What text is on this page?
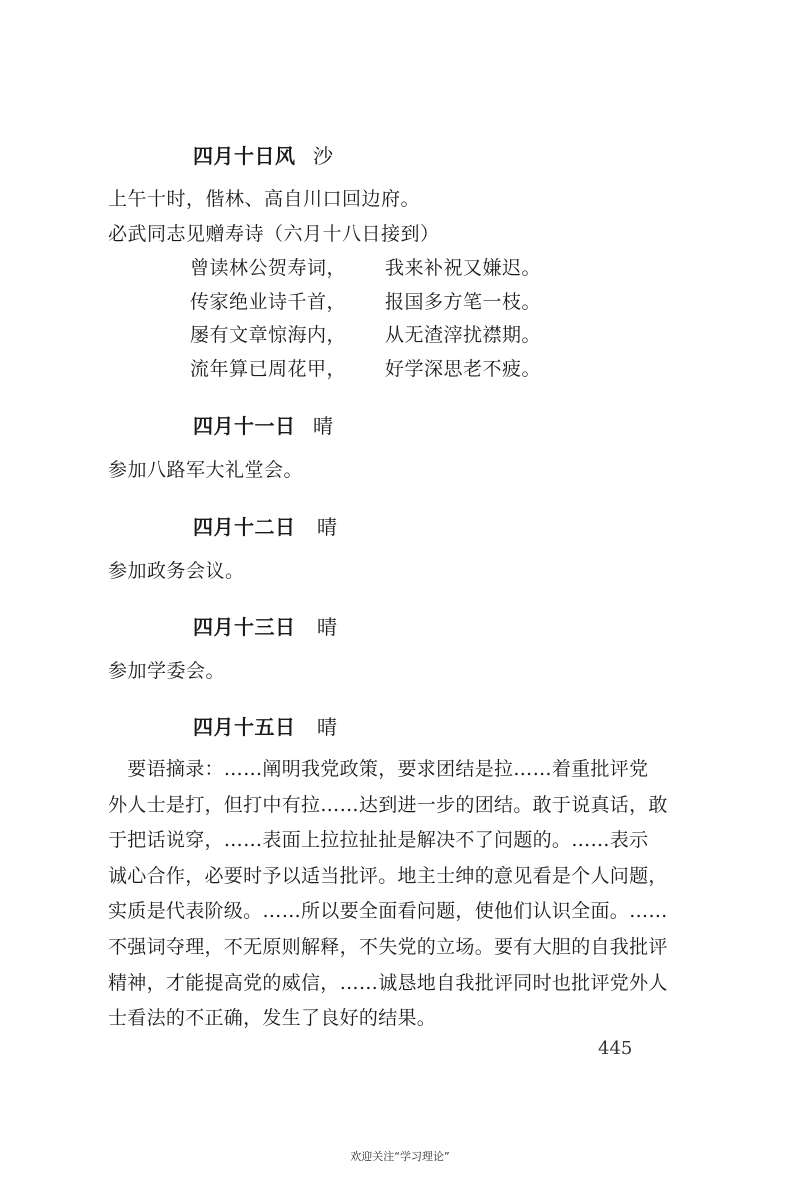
四月十日风 沙
上午十时，偕林、高自川口回边府。
必武同志见赠寿诗（六月十八日接到）
曾读林公贺寿词， 我来补祝又嫌迟。
传家绝业诗千首， 报国多方笔一枝。
屡有文章惊海内， 从无渣滓扰襟期。
流年算已周花甲， 好学深思老不疲。
四月十一日 晴
参加八路军大礼堂会。
四月十二日 晴
参加政务会议。
四月十三日 晴
参加学委会。
四月十五日 晴
　要语摘录：……阐明我党政策，要求团结是拉……着重批评党
外人士是打，但打中有拉……达到进一步的团结。敢于说真话，敢
于把话说穿，……表面上拉拉扯扯是解决不了问题的。……表示
诚心合作，必要时予以适当批评。地主士绅的意见看是个人问题，
实质是代表阶级。……所以要全面看问题，使他们认识全面。……
不强词夺理，不无原则解释，不失党的立场。要有大胆的自我批评
精神，才能提高党的威信，……诚恳地自我批评同时也批评党外人
士看法的不正确，发生了良好的结果。
445
欢迎关注“学习理论”
